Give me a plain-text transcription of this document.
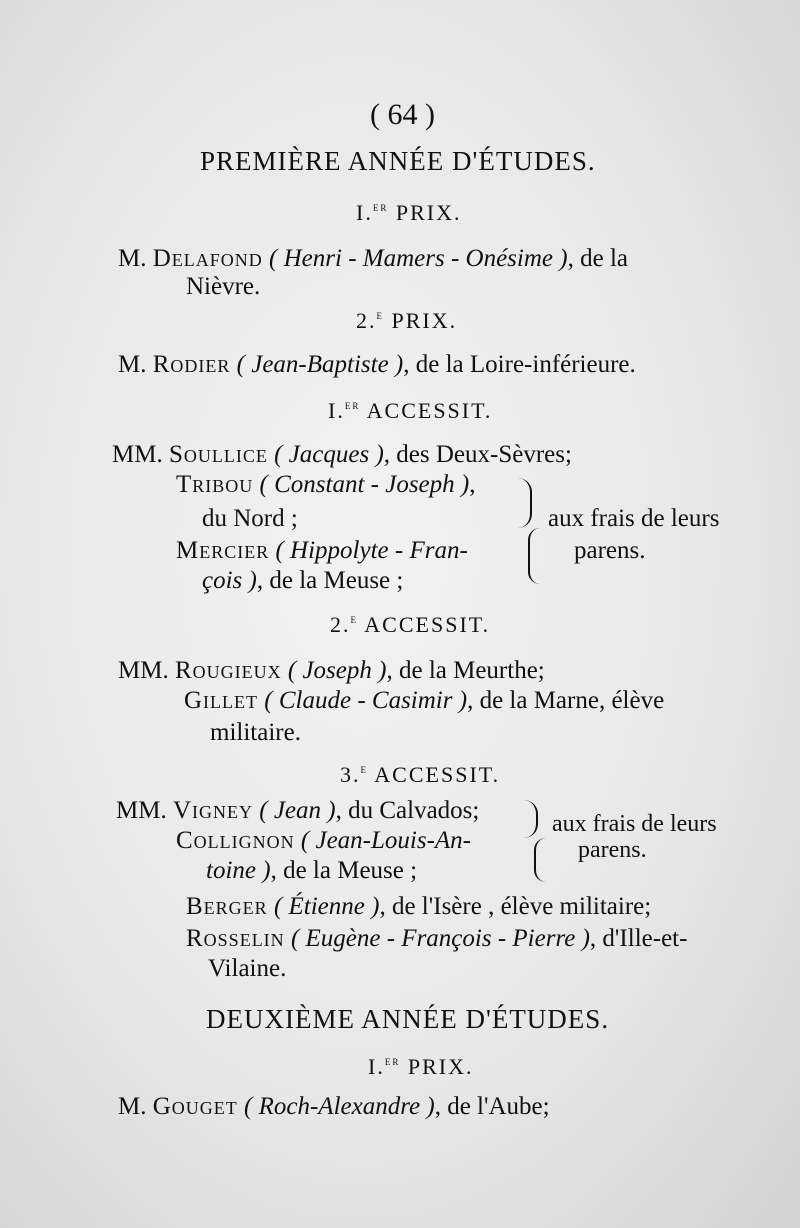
( 64 )
PREMIÈRE ANNÉE D'ÉTUDES.
I.$^{er}$ PRIX.
M. Delafond ( Henri - Mamers - Onésime ), de la
Nièvre.
2.$^e$ PRIX.
M. Rodier ( Jean-Baptiste ), de la Loire-inférieure.
I.$^{er}$ ACCESSIT.
MM. Soullice ( Jacques ), des Deux-Sèvres;
Tribou ( Constant - Joseph ),
du Nord ;
Mercier ( Hippolyte - Fran-
çois ), de la Meuse ;
aux frais de leurs
parens.
2.$^e$ ACCESSIT.
MM. Rougieux ( Joseph ), de la Meurthe;
Gillet ( Claude - Casimir ), de la Marne, élève
militaire.
3.$^e$ ACCESSIT.
MM. Vigney ( Jean ), du Calvados;
Collignon ( Jean-Louis-An-
toine ), de la Meuse ;
aux frais de leurs
parens.
Berger ( Étienne ), de l'Isère , élève militaire;
Rosselin ( Eugène - François - Pierre ), d'Ille-et-
Vilaine.
DEUXIÈME ANNÉE D'ÉTUDES.
I.$^{er}$ PRIX.
M. Gouget ( Roch-Alexandre ), de l'Aube;
